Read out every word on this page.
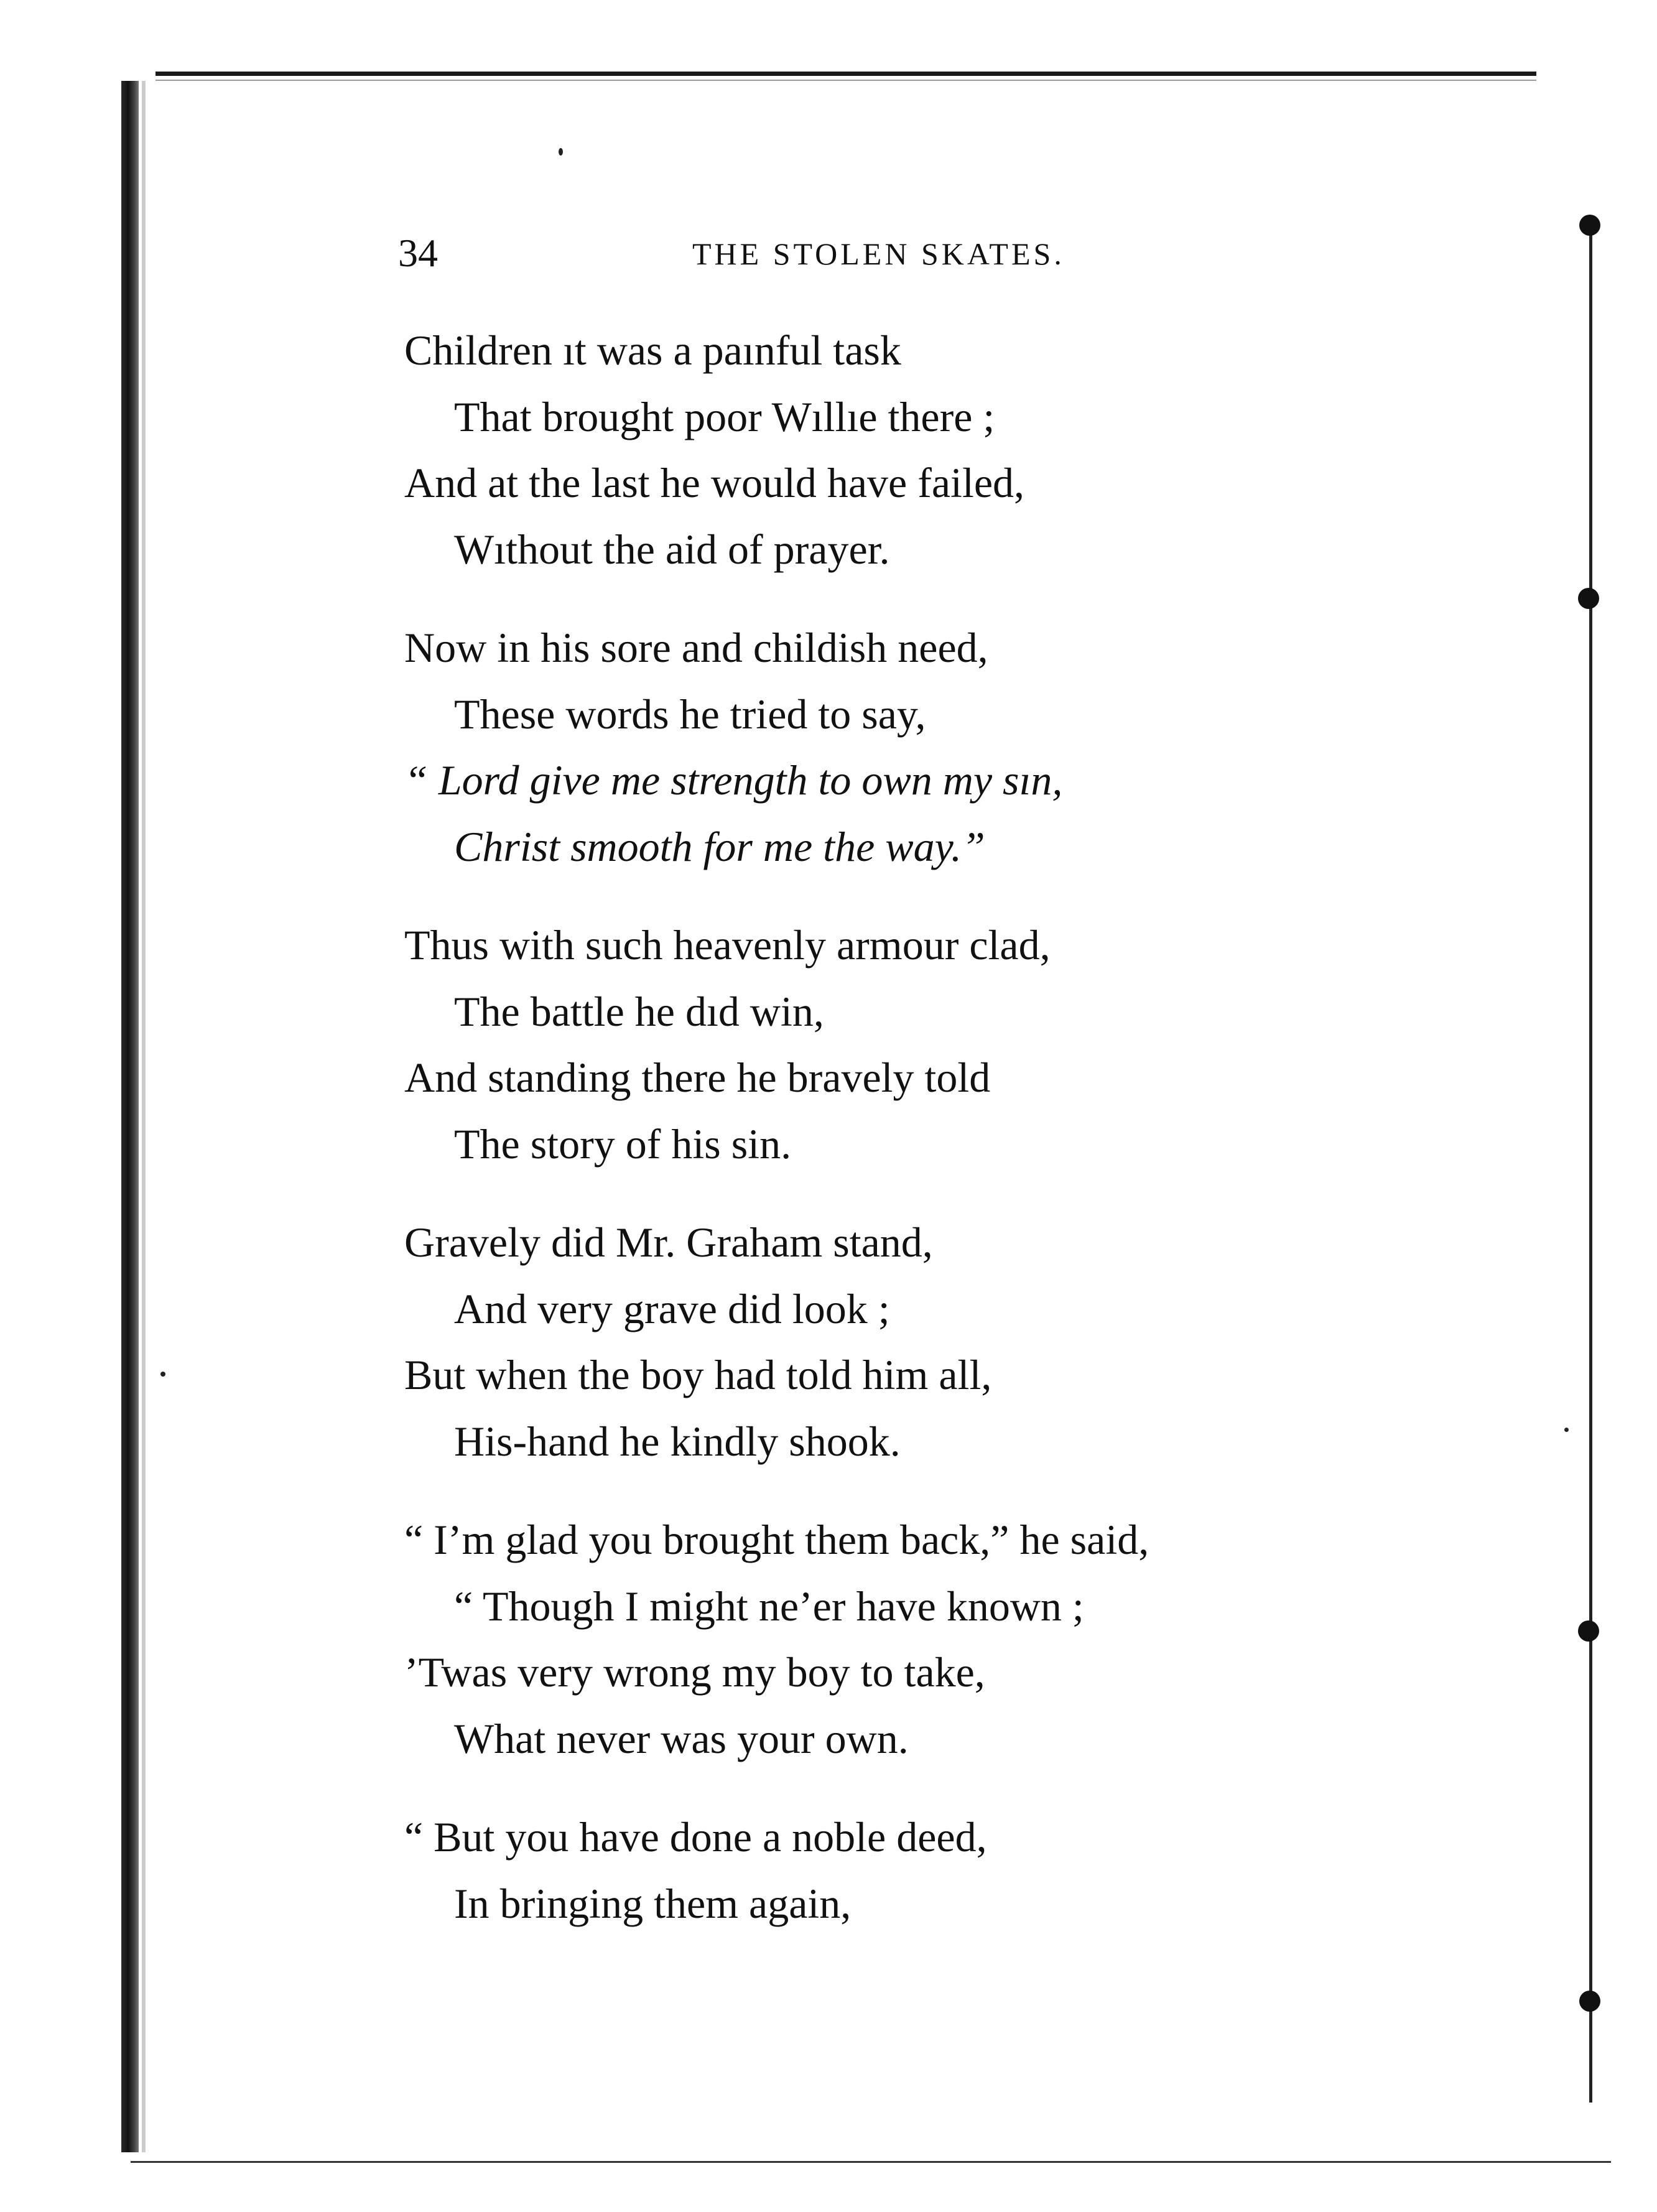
34	THE STOLEN SKATES.
Children ıt was a paınful task
That brought poor Wıllıe there ;
And at the last he would have failed,
Wıthout the aid of prayer.
Now in his sore and childish need,
These words he tried to say,
“ Lord give me strength to own my sın,
Christ smooth for me the way.”
Thus with such heavenly armour clad,
The battle he dıd win,
And standing there he bravely told
The story of his sin.
Gravely did Mr. Graham stand,
And very grave did look ;
But when the boy had told him all,
His-hand he kindly shook.
“ I’m glad you brought them back,” he said,
“ Though I might ne’er have known ;
’Twas very wrong my boy to take,
What never was your own.
“ But you have done a noble deed,
In bringing them again,
